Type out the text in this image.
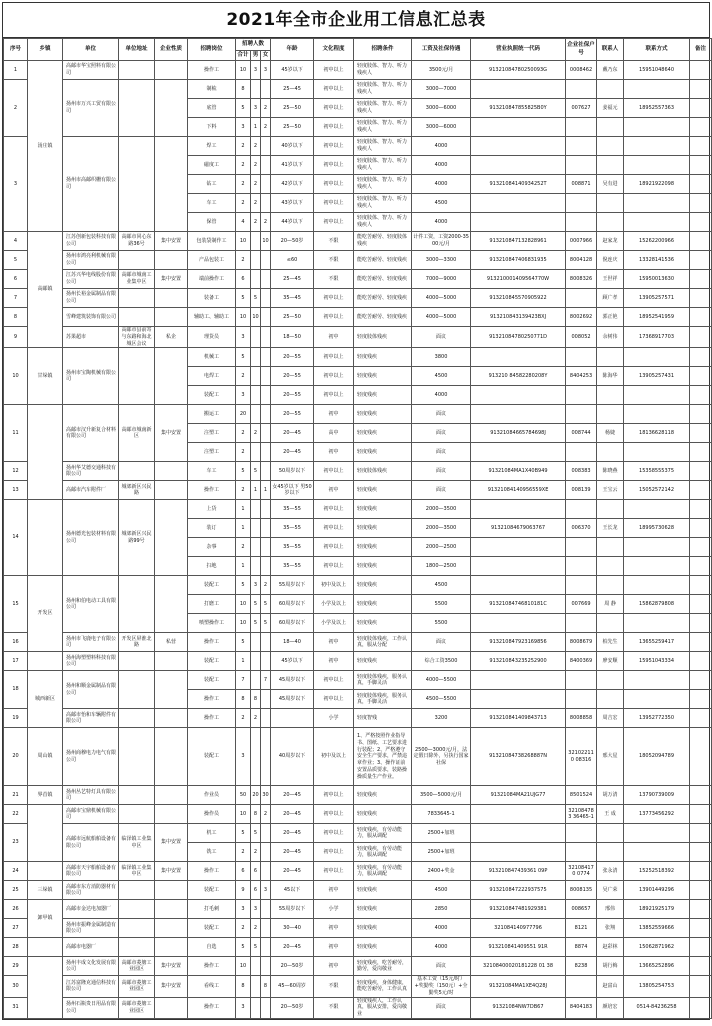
2021年全市企业用工信息汇总表
序号	乡镇	单位	单位地址	企业性质	招聘岗位	招聘人数			年龄	文化程度	招聘条件	工资及社保待遇	营业执照统一代码	企业社保户号	联系人	联系方式	备注
						合计	男	女									
1	汤庄镇	高邮市华宝照料有限公司			操作工	10	3	3	45岁以下	初中以上	轻度肢体、智力、听力残疾人	3500元/月	91321084780250093G	0008462	戴乃东	15951048640	
2		扬州市万兴工贸有限公司			制梳	8			25—45	初中以上	轻度肢体、智力、听力残疾人	3000—7000					
					底管	5	3	2	25—50	初中以上	轻度肢体、智力、听力残疾人	3000—6000	913210847855825B0Y	007627	姜福元	18952557363	
					下料	3	1	2	25—50	初中以上	轻度肢体、智力、听力残疾人	3000—6000					
3		扬州市高邮织栅有限公司			焊工	2	2		40岁以下	初中以上	轻度肢体、智力、听力残疾人	4000					
					磁度工	2	2		41岁以下	初中以上	轻度肢体、智力、听力残疾人	4000					
					钻工	2	2		42岁以下	初中以上	轻度肢体、智力、听力残疾人	4000	91321084140934252T	008871	吴有进	18921922098	
					车工	2	2		43岁以下	初中以上	轻度肢体、智力、听力残疾人	4500					
					保管	4	2	2	44岁以下	初中以上	轻度肢体、智力、听力残疾人	4000					
4	高邮镇	江苏创新包装科技有限公司	高邮市同心东路36号	集中安置	包装袋制作工	10		10	20—50岁	不限	能吃苦耐劳、轻度肢体残疾	计件工资，工资2000-3500元/月	913210847132828961	0007966	赵家龙	15262200966	
5		扬州市鸿亮利机械有限公司			产品包装工	2			≤60	不限	能吃苦耐劳、轻度残疾	3000—3300	913210847406831935	8004128	倪连庆	13328141536	
6		江苏兴华电线股份有限公司	高邮市城南工业集中区	集中安置	端前操作工	6			25—45	不限	能吃苦耐劳、轻度残疾	7000—9000	913210001409564770W	8008326	王世祥	15950013630	
7		扬州长裕金属制品有限公司			装备工	5	5		35—45	初中以上	能吃苦耐劳、轻度残疾	4000—5000	913210845570905922		顾广孝	13905257571	
8		雪峰建筑装饰有限公司			辅助工、辅助工	10	10		25—50	初中以上	能吃苦耐劳、轻度残疾	4000—5000	913210843139423BXJ	8002692	郭正艳	18952541959	
9		苏果超市	高邮市县前寄与东路和海北城区会议	私企	理货员	3			18—50	初中	轻度肢体残疾	面议	91321084780250771D	008052	余树伟	17368917703	
10	甘垛镇	扬州市宝陶机械有限公司			机械工	5			20—55	初中以上	轻度残疾	3800					
					电焊工	2			20—55	初中以上	轻度残疾	4500	913210 84582280208Y	8404253	陈海华	13905257431	
					装配工	3			20—55	初中以上	轻度残疾	4000					
11		高邮市汉升新复合材料有限公司	高邮市城南新区	集中安置	搬运工	20			20—55	初中	轻度残疾	面议					
					注塑工	2	2		20—45	高中	轻度残疾	面议	91321084665784698J	008744	杨婕	18136628118	
					注塑工	2			20—45	初中	轻度残疾	面议					
12		扬州华艾德交通科技有限公司			车工	5	5		50周岁以下	初中以上	轻度肢体残疾	面议	91321084MA1X40B949	008383	陈晓燕	15358555375	
13		高邮市汽车附件厂	城郊新区兴民路		操作工	2	1	1	女45岁以下 男50岁以下	初中	轻度残疾	面议	91321084140956559XE	008139	王宝云	15052572142	
14		扬州德光包装材料有限公司	城郊新区兴民路99号		上货	1			35—55	初中以上	轻度残疾	2000—3500					
					装订	1			35—55	初中以上	轻度残疾	2000—3500	91321084679063767	006370	王长龙	18995730628	
					杂事	2			35—55	初中以上	轻度残疾	2000—2500					
					扫地	1			35—55	初中以上	轻度残疾	1800—2500					
15	开发区	扬州和伯电动工具有限公司			装配工	5	3	2	55周岁以下	初中及以上	轻度残疾	4500					
					打磨工	10	5	5	60周岁以下	小学及以上	轻度残疾	5500	91321084746810181C	007669	周 静	15862879808	
					喷塑操作工	10	5	5	60周岁以下	小学及以上	轻度残疾	5500					
16		扬州市飞鹿电子有限公司	开发区屏淮北路	私营	操作工	5			18—40	初中	轻度肢体残疾，工作认真，服从分配	面议	913210847923169856	8008679	柏先生	13655259417	
17		扬州海塑塑料科技有限公司			装配工	1			45岁以下	初中	轻度残疾	综合工资3500	913210843235252900	8400369	廖安顺	15951043334	
18	城西新区	扬州和顺金属制品有限公司			装配工	7		7	45周岁以下	初中以上	轻度肢体残疾，服务认真，手脚灵活	4000—5500					
					操作工	8	8		45周岁以下	初中以上	轻度肢体残疾，服务认真，手脚灵活	4500—5500					
19		高邮市怡和车辆附件有限公司			操作工	2	2			小学	轻度智残	3200	913210841409843713	8008858	周吉宏	13952772350	
20	周山镇	扬州商穆电力电气有限公司			装配工	3			40周岁以下	初中及以上	1、严格按照作业指导书、图纸、工艺要求进行装配；2、严格遵守安全生产要求，严禁违章作业；3、操作证前安置品质要求，装路操操质量生产作业。	2500—3000元/月，法定假日除外，另执行国家社保	91321084738268887N	321022110 08316	邢大星	18052094789	
21	界首镇	扬州丛艺特灯具有限公司			作业员	50	20	30	20—45	初中以上	轻度残疾	3500—5000元/月	91321084MA21UJG77	8501524	胡万清	13790739009	
22		高邮市宝鼎机械有限公司			操作员	10	8	2	20—45	初中以上	轻度残疾	7833645-1		321084783 36465-1	王 成	13773456292	
23		高邮市远航船舶设备有限公司	临泽镇工业集中区	集中安置	机工	5	5		20—45	初中以上	轻度残疾，有劳动能力，服从调配	2500+加班					
					铣工	2	2		20—45	初中以上	轻度残疾，有劳动能力，服从调配	2500+加班					
24		高邮市天宇船舶设备有限公司	临泽镇工业集中区	集中安置	操作工	6	6		20—45	初中以上	轻度残疾，有劳动能力，服从调配	2400+奖金	913210847439361 09P	321084170 0774	张永清	15252518392	
25	三垛镇	高邮市东方消防器材有限公司			装配工	9	6	3	45以下	初中	轻度残疾	4500	913210847222937575	8008135	吴广荣	13901449296	
26	卸甲镇	高邮市金达电加器厂			打毛刺	3	3		55周岁以下	小学	轻度残疾	2850	913210847481929381	008657	邢伟	18921925179	
27		扬州市振峰金属制造有限公司			装配工	2	2		30—40	初中	轻度残疾	4000	321084140977796	8121	张翔	13852559666	
28		高邮市电器厂			自选	5	5		20—45	初中	轻度残疾	4000	913210841409551 91R	8874	赵彩林	15062871962	
29		扬州丰成文化发展有限公司	高邮市菱塘工业园区	集中安置	操作工	10			20—50岁	初中	轻度残疾，吃苦耐劳，勤劳，爱岗敬业	面议	32108400020181228 01 38	8238	胡行梅	13665252896	
30		江苏富隆克通信科技有限公司	高邮市菱塘工业园区	集中安置	看线工	8		8	45—60周岁	不限	轻度残疾，身体健康，能吃苦耐劳，工作认真	基本工资（15元/时）+奖勤奖（150元）+全勤奖5元/时	91321084MA1XE4Q28J		赵富山	13805254753	
31		扬州石瓶贵日用品有限公司	高邮市菱塘工业园区		操作工	3			20—50岁	不限	轻度残疾人，工作认真，服从安排，爱岗敬业	面议	91321084NW7DB67	8404183	颜培宏	0514-84236258	
